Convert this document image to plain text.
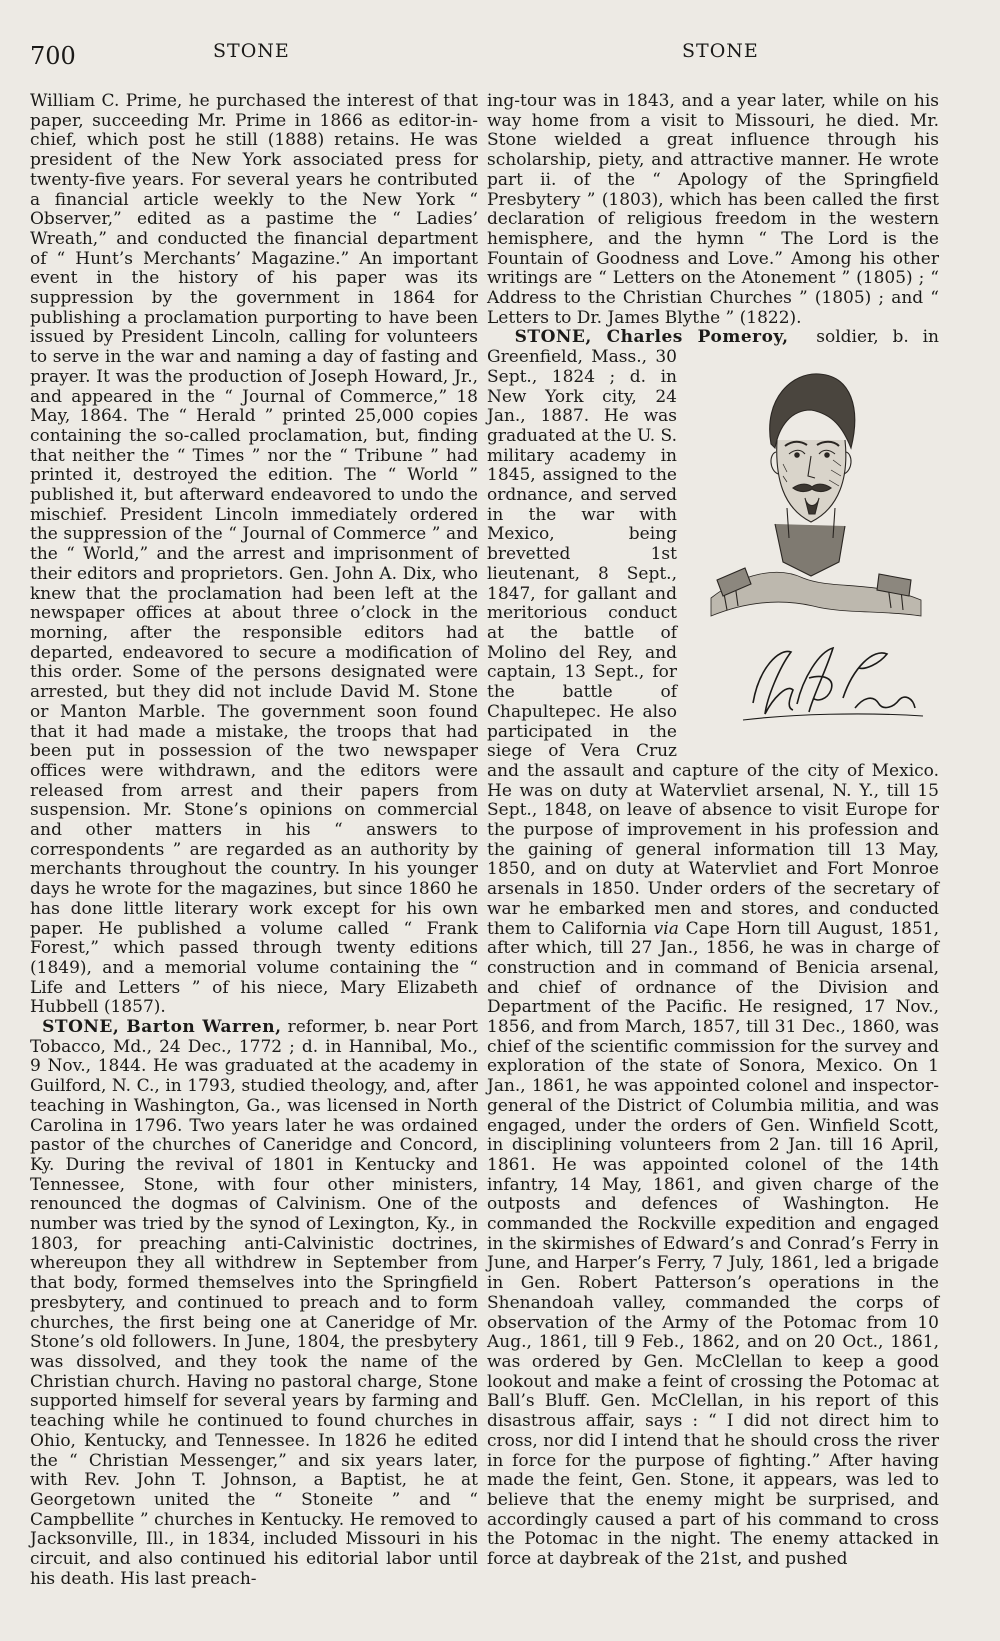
700	STONE	STONE

William C. Prime, he purchased the interest of that paper, succeeding Mr. Prime in 1866 as editor-in-chief, which post he still (1888) retains. He was president of the New York associated press for twenty-five years. For several years he contributed a financial article weekly to the New York “ Observer,” edited as a pastime the “ Ladies’ Wreath,” and conducted the financial department of “ Hunt’s Merchants’ Magazine.” An important event in the history of his paper was its suppression by the government in 1864 for publishing a proclamation purporting to have been issued by President Lincoln, calling for volunteers to serve in the war and naming a day of fasting and prayer. It was the production of Joseph Howard, Jr., and appeared in the “ Journal of Commerce,” 18 May, 1864. The “ Herald ” printed 25,000 copies containing the so-called proclamation, but, finding that neither the “ Times ” nor the “ Tribune ” had printed it, destroyed the edition. The “ World ” published it, but afterward endeavored to undo the mischief. President Lincoln immediately ordered the suppression of the “ Journal of Commerce ” and the “ World,” and the arrest and imprisonment of their editors and proprietors. Gen. John A. Dix, who knew that the proclamation had been left at the newspaper offices at about three o’clock in the morning, after the responsible editors had departed, endeavored to secure a modification of this order. Some of the persons designated were arrested, but they did not include David M. Stone or Manton Marble. The government soon found that it had made a mistake, the troops that had been put in possession of the two newspaper offices were withdrawn, and the editors were released from arrest and their papers from suspension. Mr. Stone’s opinions on commercial and other matters in his “ answers to correspondents ” are regarded as an authority by merchants throughout the country. In his younger days he wrote for the magazines, but since 1860 he has done little literary work except for his own paper. He published a volume called “ Frank Forest,” which passed through twenty editions (1849), and a memorial volume containing the “ Life and Letters ” of his niece, Mary Elizabeth Hubbell (1857).

STONE, Barton Warren, reformer, b. near Port Tobacco, Md., 24 Dec., 1772 ; d. in Hannibal, Mo., 9 Nov., 1844. He was graduated at the academy in Guilford, N. C., in 1793, studied theology, and, after teaching in Washington, Ga., was licensed in North Carolina in 1796. Two years later he was ordained pastor of the churches of Caneridge and Concord, Ky. During the revival of 1801 in Kentucky and Tennessee, Stone, with four other ministers, renounced the dogmas of Calvinism. One of the number was tried by the synod of Lexington, Ky., in 1803, for preaching anti-Calvinistic doctrines, whereupon they all withdrew in September from that body, formed themselves into the Springfield presbytery, and continued to preach and to form churches, the first being one at Caneridge of Mr. Stone’s old followers. In June, 1804, the presbytery was dissolved, and they took the name of the Christian church. Having no pastoral charge, Stone supported himself for several years by farming and teaching while he continued to found churches in Ohio, Kentucky, and Tennessee. In 1826 he edited the “ Christian Messenger,” and six years later, with Rev. John T. Johnson, a Baptist, he at Georgetown united the “ Stoneite ” and “ Campbellite ” churches in Kentucky. He removed to Jacksonville, Ill., in 1834, included Missouri in his circuit, and also continued his editorial labor until his death. His last preach-

ing-tour was in 1843, and a year later, while on his way home from a visit to Missouri, he died. Mr. Stone wielded a great influence through his scholarship, piety, and attractive manner. He wrote part ii. of the “ Apology of the Springfield Presbytery ” (1803), which has been called the first declaration of religious freedom in the western hemisphere, and the hymn “ The Lord is the Fountain of Goodness and Love.” Among his other writings are “ Letters on the Atonement ” (1805) ; “ Address to the Christian Churches ” (1805) ; and “ Letters to Dr. James Blythe ” (1822).

STONE, Charles Pomeroy,
soldier, b. in Greenfield, Mass., 30 Sept., 1824 ; d. in New York city, 24 Jan., 1887. He was graduated at the U. S. military academy in 1845, assigned to the ordnance, and served in the war with Mexico, being brevetted 1st lieutenant, 8 Sept., 1847, for gallant and meritorious conduct at the battle of Molino del Rey, and captain, 13 Sept., for the battle of Chapultepec. He also participated in the siege of Vera Cruz and the assault and capture of the city of Mexico. He was on duty at Watervliet arsenal, N. Y., till 15 Sept., 1848, on leave of absence to visit Europe for the purpose of improvement in his profession and the gaining of general information till 13 May, 1850, and on duty at Watervliet and Fort Monroe arsenals in 1850. Under orders of the secretary of war he embarked men and stores, and conducted them to California via Cape Horn till August, 1851, after which, till 27 Jan., 1856, he was in charge of construction and in command of Benicia arsenal, and chief of ordnance of the Division and Department of the Pacific. He resigned, 17 Nov., 1856, and from March, 1857, till 31 Dec., 1860, was chief of the scientific commission for the survey and exploration of the state of Sonora, Mexico. On 1 Jan., 1861, he was appointed colonel and inspector-general of the District of Columbia militia, and was engaged, under the orders of Gen. Winfield Scott, in disciplining volunteers from 2 Jan. till 16 April, 1861. He was appointed colonel of the 14th infantry, 14 May, 1861, and given charge of the outposts and defences of Washington. He commanded the Rockville expedition and engaged in the skirmishes of Edward’s and Conrad’s Ferry in June, and Harper’s Ferry, 7 July, 1861, led a brigade in Gen. Robert Patterson’s operations in the Shenandoah valley, commanded the corps of observation of the Army of the Potomac from 10 Aug., 1861, till 9 Feb., 1862, and on 20 Oct., 1861, was ordered by Gen. McClellan to keep a good lookout and make a feint of crossing the Potomac at Ball’s Bluff. Gen. McClellan, in his report of this disastrous affair, says : “ I did not direct him to cross, nor did I intend that he should cross the river in force for the purpose of fighting.” After having made the feint, Gen. Stone, it appears, was led to believe that the enemy might be surprised, and accordingly caused a part of his command to cross the Potomac in the night. The enemy attacked in force at daybreak of the 21st, and pushed
